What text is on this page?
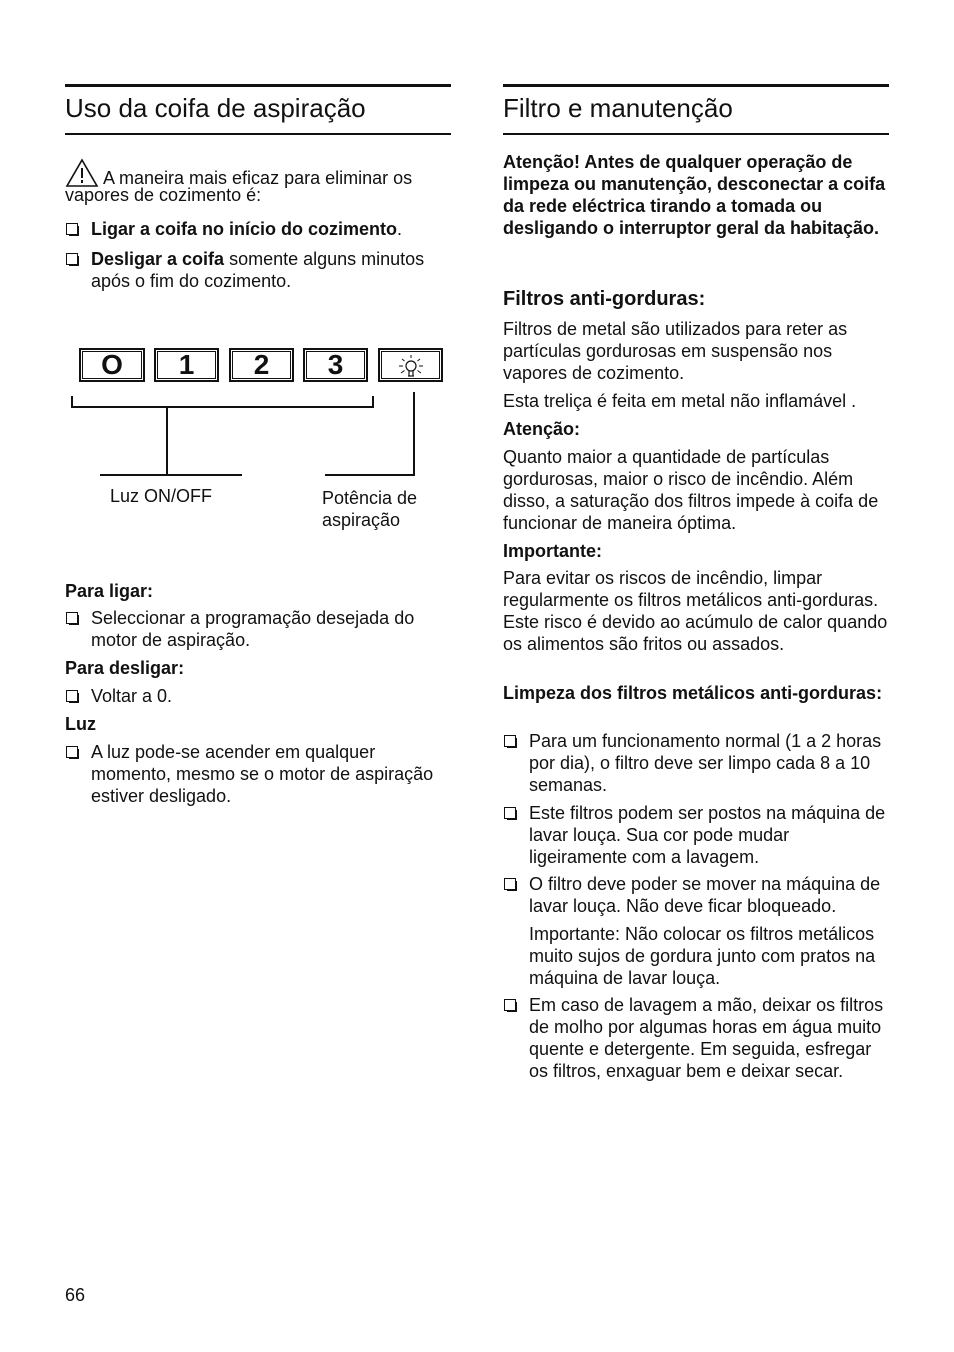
Uso da coifa de aspiração
A maneira mais eficaz para eliminar os vapores de cozimento é:
Ligar a coifa no início do cozimento.
Desligar a coifa somente alguns minutos após o fim do cozimento.
O	1	2	3
Luz ON/OFF	Potência de aspiração
Para ligar:
Seleccionar a programação desejada do motor de aspiração.
Para desligar:
Voltar a 0.
Luz
A luz pode-se acender em qualquer momento, mesmo se o motor de aspiração estiver desligado.
Filtro e manutenção
Atenção! Antes de qualquer operação de limpeza ou manutenção, desconectar a coifa da rede eléctrica tirando a tomada ou desligando o interruptor geral da habitação.
Filtros anti-gorduras:
Filtros de metal são utilizados para reter as partículas gordurosas em suspensão nos vapores de cozimento.
Esta treliça é feita em metal não inflamável .
Atenção:
Quanto maior a quantidade de partículas gordurosas, maior o risco de incêndio. Além disso, a saturação dos filtros impede à coifa de funcionar de maneira óptima.
Importante:
Para evitar os riscos de incêndio, limpar regularmente os filtros metálicos anti-gorduras. Este risco é devido ao acúmulo de calor quando os alimentos são fritos ou assados.
Limpeza dos filtros metálicos anti-gorduras:
Para um funcionamento normal (1 a 2 horas por dia), o filtro deve ser limpo cada 8 a 10 semanas.
Este filtros podem ser postos na máquina de lavar louça. Sua cor pode mudar ligeiramente com a lavagem.
O filtro deve poder se mover na máquina de lavar louça. Não deve ficar bloqueado.
Importante: Não colocar os filtros metálicos muito sujos de gordura junto com pratos na máquina de lavar louça.
Em caso de lavagem a mão, deixar os filtros de molho por algumas horas em água muito quente e detergente. Em seguida, esfregar os filtros, enxaguar bem e deixar secar.
66
